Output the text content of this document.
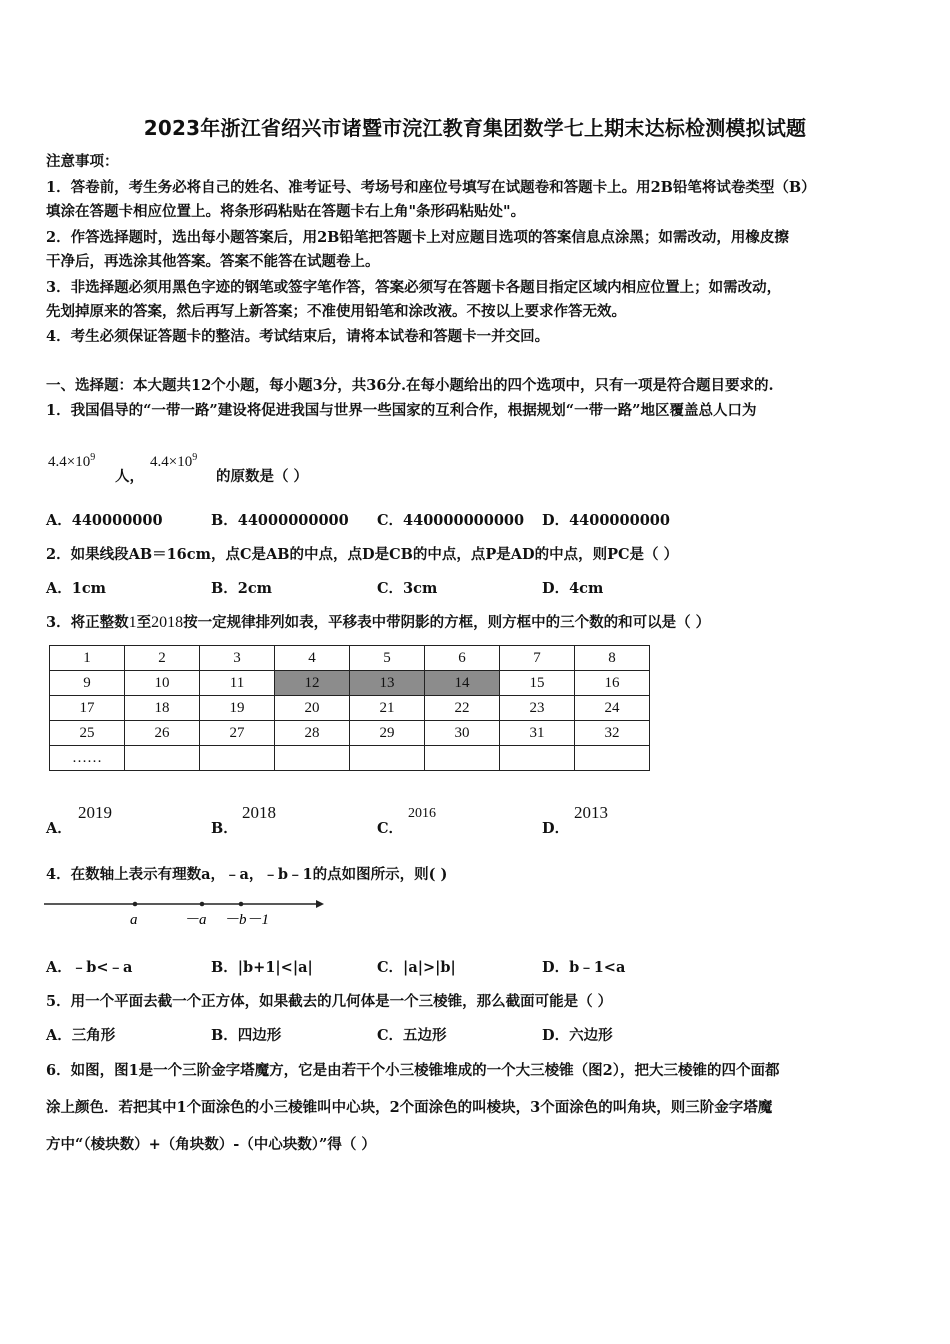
2023年浙江省绍兴市诸暨市浣江教育集团数学七上期末达标检测模拟试题
注意事项：
1．答卷前，考生务必将自己的姓名、准考证号、考场号和座位号填写在试题卷和答题卡上。用2B铅笔将试卷类型（B）
填涂在答题卡相应位置上。将条形码粘贴在答题卡右上角"条形码粘贴处"。
2．作答选择题时，选出每小题答案后，用2B铅笔把答题卡上对应题目选项的答案信息点涂黑；如需改动，用橡皮擦
干净后，再选涂其他答案。答案不能答在试题卷上。
3．非选择题必须用黑色字迹的钢笔或签字笔作答，答案必须写在答题卡各题目指定区域内相应位置上；如需改动，
先划掉原来的答案，然后再写上新答案；不准使用铅笔和涂改液。不按以上要求作答无效。
4．考生必须保证答题卡的整洁。考试结束后，请将本试卷和答题卡一并交回。
一、选择题：本大题共12个小题，每小题3分，共36分.在每小题给出的四个选项中，只有一项是符合题目要求的.
1．我国倡导的“一带一路”建设将促进我国与世界一些国家的互利合作，根据规划“一带一路”地区覆盖总人口为
$4.4\times 10^9$
人，
$4.4\times 10^9$
的原数是（ ）
A．440000000	B．44000000000 C．440000000000 D．4400000000
2．如果线段AB＝16cm，点C是AB的中点，点D是CB的中点，点P是AD的中点，则PC是（ ）
A．1cm	B．2cm	C．3cm	D．4cm
3．将正整数1至2018按一定规律排列如表，平移表中带阴影的方框，则方框中的三个数的和可以是（ ）
1	2	3	4	5	6	7	8
9	10	11	12	13	14	15	16
17	18	19	20	21	22	23	24
25	26	27	28	29	30	31	32
……							
A．
2019
B．
2018
C．
2016
D．
2013
4．在数轴上表示有理数a，﹣a，﹣b﹣1的点如图所示，则( )
a	－a －b－1
A．﹣b<﹣a	B．|b+1|<|a|	C．|a|>|b|	D．b﹣1<a
5．用一个平面去截一个正方体，如果截去的几何体是一个三棱锥，那么截面可能是（ ）
A．三角形	B．四边形	C．五边形	D．六边形
6．如图，图1是一个三阶金字塔魔方，它是由若干个小三棱锥堆成的一个大三棱锥（图2），把大三棱锥的四个面都
涂上颜色．若把其中1个面涂色的小三棱锥叫中心块，2个面涂色的叫棱块，3个面涂色的叫角块，则三阶金字塔魔
方中“（棱块数）+（角块数）-（中心块数）”得（ ）
